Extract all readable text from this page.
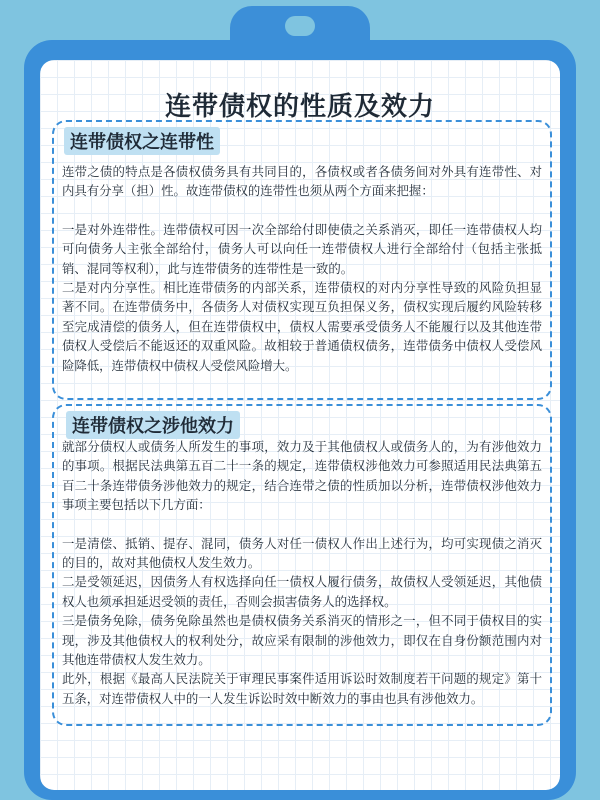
连带债权的性质及效力
连带债权之连带性

连带之债的特点是各债权债务具有共同目的，各债权或者各债务间对外具有连带性、对内具有分享（担）性。故连带债权的连带性也须从两个方面来把握：

一是对外连带性。连带债权可因一次全部给付即使债之关系消灭，即任一连带债权人均可向债务人主张全部给付，债务人可以向任一连带债权人进行全部给付（包括主张抵销、混同等权利），此与连带债务的连带性是一致的。

二是对内分享性。相比连带债务的内部关系，连带债权的对内分享性导致的风险负担显著不同。在连带债务中，各债务人对债权实现互负担保义务，债权实现后履约风险转移至完成清偿的债务人，但在连带债权中，债权人需要承受债务人不能履行以及其他连带债权人受偿后不能返还的双重风险。故相较于普通债权债务，连带债务中债权人受偿风险降低，连带债权中债权人受偿风险增大。

连带债权之涉他效力

就部分债权人或债务人所发生的事项，效力及于其他债权人或债务人的，为有涉他效力的事项。根据民法典第五百二十一条的规定，连带债权涉他效力可参照适用民法典第五百二十条连带债务涉他效力的规定，结合连带之债的性质加以分析，连带债权涉他效力事项主要包括以下几方面：

一是清偿、抵销、提存、混同，债务人对任一债权人作出上述行为，均可实现债之消灭的目的，故对其他债权人发生效力。

二是受领延迟，因债务人有权选择向任一债权人履行债务，故债权人受领延迟，其他债权人也须承担延迟受领的责任，否则会损害债务人的选择权。

三是债务免除，债务免除虽然也是债权债务关系消灭的情形之一，但不同于债权目的实现，涉及其他债权人的权利处分，故应采有限制的涉他效力，即仅在自身份额范围内对其他连带债权人发生效力。

此外，根据《最高人民法院关于审理民事案件适用诉讼时效制度若干问题的规定》第十五条，对连带债权人中的一人发生诉讼时效中断效力的事由也具有涉他效力。
